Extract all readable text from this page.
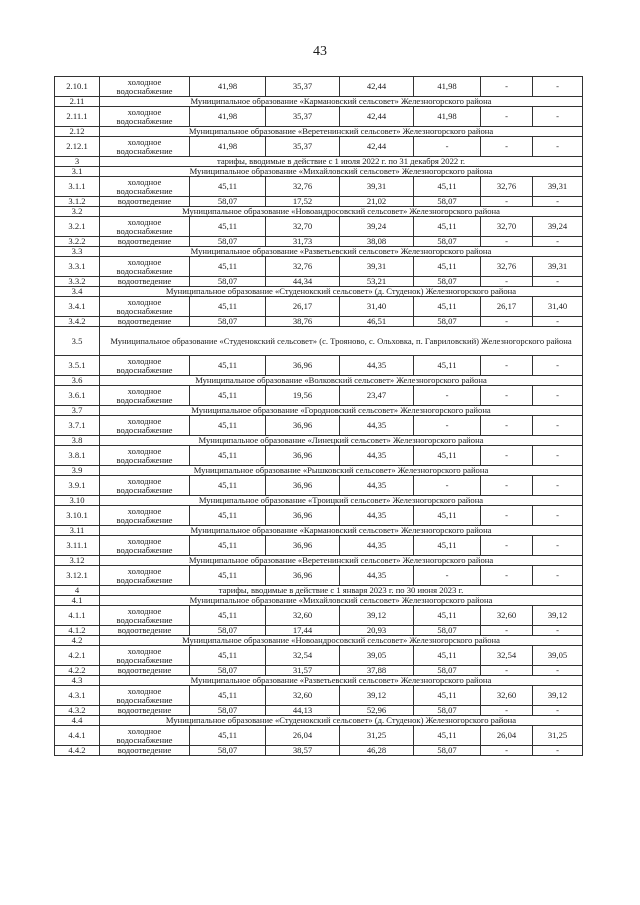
43
2.10.1	холодное водоснабжение	41,98	35,37	42,44	41,98	-	-
2.11	Муниципальное образование «Кармановский сельсовет» Железногорского района						
2.11.1	холодное водоснабжение	41,98	35,37	42,44	41,98	-	-
2.12	Муниципальное образование «Веретенинский сельсовет» Железногорского района						
2.12.1	холодное водоснабжение	41,98	35,37	42,44	-	-	-
3	тарифы, вводимые в действие с 1 июля 2022 г. по 31 декабря 2022 г.						
3.1	Муниципальное образование «Михайловский сельсовет» Железногорского района						
3.1.1	холодное водоснабжение	45,11	32,76	39,31	45,11	32,76	39,31
3.1.2	водоотведение	58,07	17,52	21,02	58,07	-	-
3.2	Муниципальное образование «Новоандросовский сельсовет» Железногорского района						
3.2.1	холодное водоснабжение	45,11	32,70	39,24	45,11	32,70	39,24
3.2.2	водоотведение	58,07	31,73	38,08	58,07	-	-
3.3	Муниципальное образование «Разветьевский сельсовет» Железногорского района						
3.3.1	холодное водоснабжение	45,11	32,76	39,31	45,11	32,76	39,31
3.3.2	водоотведение	58,07	44,34	53,21	58,07	-	-
3.4	Муниципальное образование «Студенокский сельсовет» (д. Студенок) Железногорского района						
3.4.1	холодное водоснабжение	45,11	26,17	31,40	45,11	26,17	31,40
3.4.2	водоотведение	58,07	38,76	46,51	58,07	-	-
3.5	Муниципальное образование «Студенокский сельсовет» (с. Трояново, с. Ольховка, п. Гавриловский) Железногорского района						
3.5.1	холодное водоснабжение	45,11	36,96	44,35	45,11	-	-
3.6	Муниципальное образование «Волковский сельсовет» Железногорского района						
3.6.1	холодное водоснабжение	45,11	19,56	23,47	-	-	-
3.7	Муниципальное образование «Городновский сельсовет» Железногорского района						
3.7.1	холодное водоснабжение	45,11	36,96	44,35	-	-	-
3.8	Муниципальное образование «Линецкий сельсовет» Железногорского района						
3.8.1	холодное водоснабжение	45,11	36,96	44,35	45,11	-	-
3.9	Муниципальное образование «Рышковский сельсовет» Железногорского района						
3.9.1	холодное водоснабжение	45,11	36,96	44,35	-	-	-
3.10	Муниципальное образование «Троицкий сельсовет» Железногорского района						
3.10.1	холодное водоснабжение	45,11	36,96	44,35	45,11	-	-
3.11	Муниципальное образование «Кармановский сельсовет» Железногорского района						
3.11.1	холодное водоснабжение	45,11	36,96	44,35	45,11	-	-
3.12	Муниципальное образование «Веретенинский сельсовет» Железногорского района						
3.12.1	холодное водоснабжение	45,11	36,96	44,35	-	-	-
4	тарифы, вводимые в действие с 1 января 2023 г. по 30 июня 2023 г.						
4.1	Муниципальное образование «Михайловский сельсовет» Железногорского района						
4.1.1	холодное водоснабжение	45,11	32,60	39,12	45,11	32,60	39,12
4.1.2	водоотведение	58,07	17,44	20,93	58,07	-	-
4.2	Муниципальное образование «Новоандросовский сельсовет» Железногорского района						
4.2.1	холодное водоснабжение	45,11	32,54	39,05	45,11	32,54	39,05
4.2.2	водоотведение	58,07	31,57	37,88	58,07	-	-
4.3	Муниципальное образование «Разветьевский сельсовет» Железногорского района						
4.3.1	холодное водоснабжение	45,11	32,60	39,12	45,11	32,60	39,12
4.3.2	водоотведение	58,07	44,13	52,96	58,07	-	-
4.4	Муниципальное образование «Студенокский сельсовет» (д. Студенок) Железногорского района						
4.4.1	холодное водоснабжение	45,11	26,04	31,25	45,11	26,04	31,25
4.4.2	водоотведение	58,07	38,57	46,28	58,07	-	-
